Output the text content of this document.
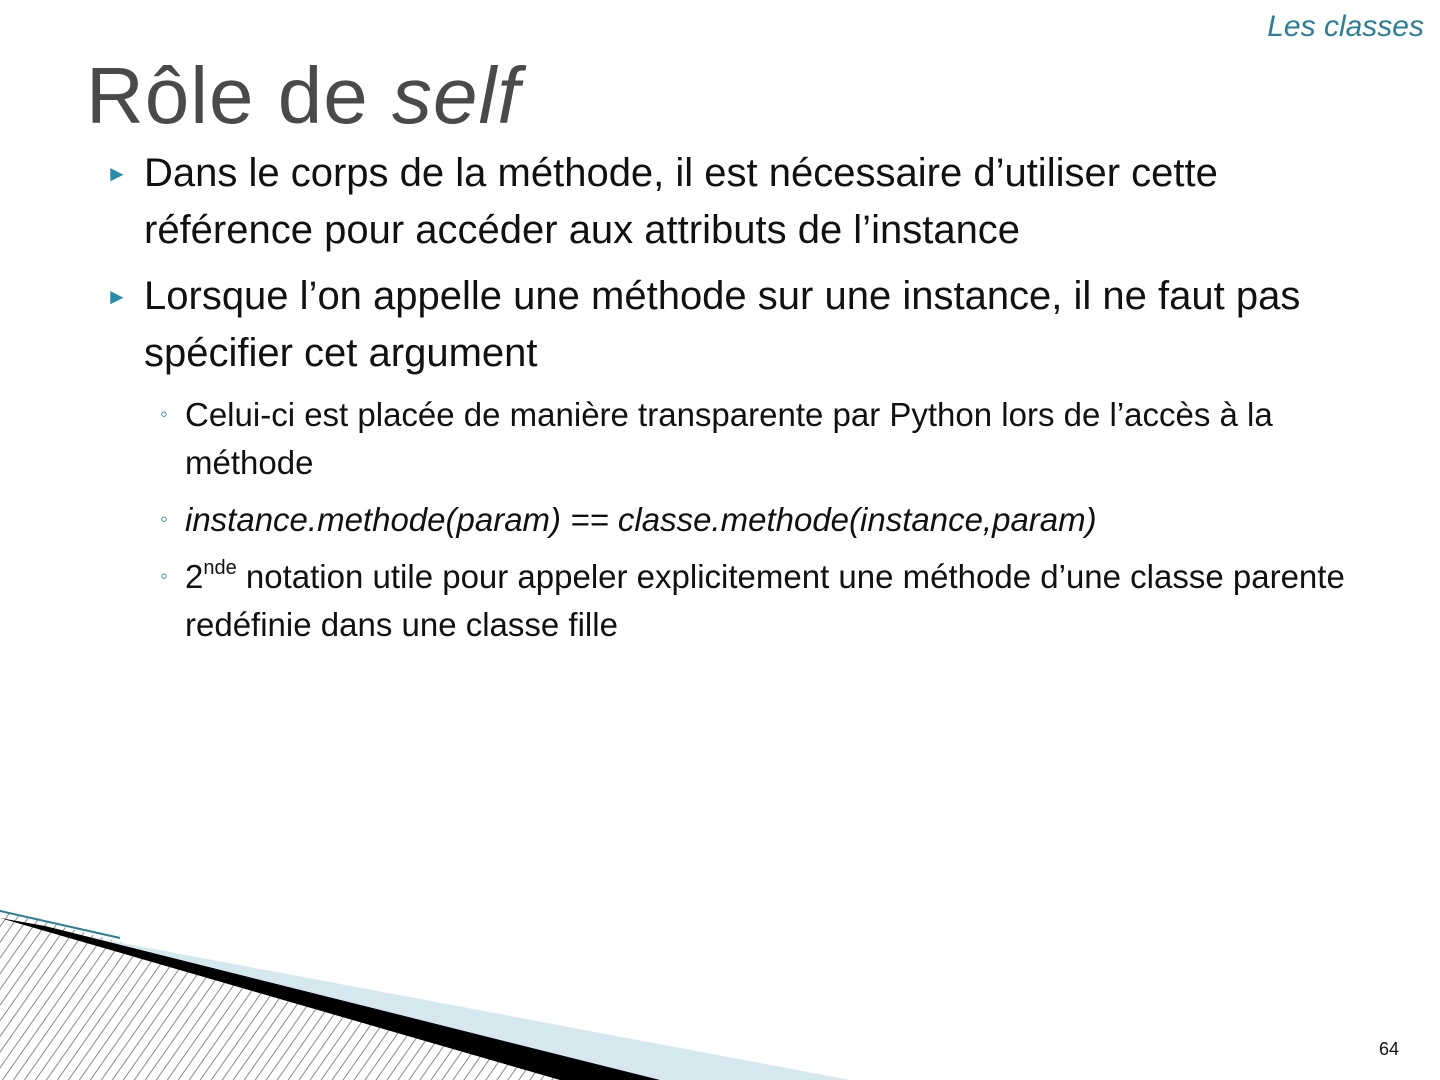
Les classes
Rôle de self
► Dans le corps de la méthode, il est nécessaire d’utiliser cette référence pour accéder aux attributs de l’instance
► Lorsque l’on appelle une méthode sur une instance, il ne faut pas spécifier cet argument
◦ Celui-ci est placée de manière transparente par Python lors de l’accès à la méthode
◦ instance.methode(param) == classe.methode(instance,param)
◦ 2nde notation utile pour appeler explicitement une méthode d’une classe parente redéfinie dans une classe fille
64
